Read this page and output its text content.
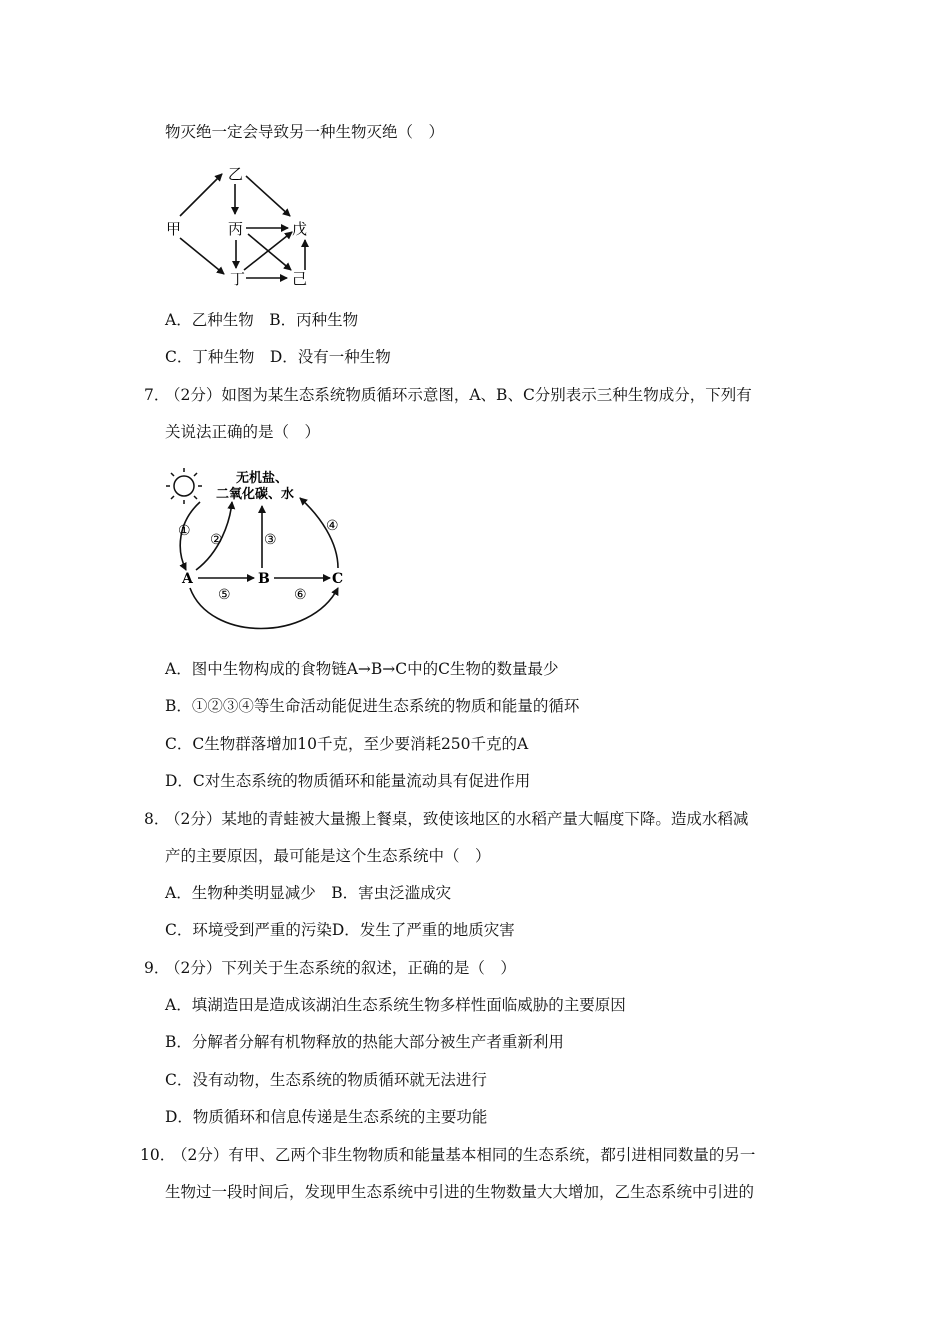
物灭绝一定会导致另一种生物灭绝（　）
乙
甲	丙	戊
丁	己
A．乙种生物　B．丙种生物
C．丁种生物　D．没有一种生物
7．
（2分）如图为某生态系统物质循环示意图，A、B、C分别表示三种生物成分，下列有
关说法正确的是（　）
无机盐、
二氧化碳、水
A	B	C
①
②	③
④
⑤	⑥
A．图中生物构成的食物链A→B→C中的C生物的数量最少
B．①②③④等生命活动能促进生态系统的物质和能量的循环
C．C生物群落增加10千克，至少要消耗250千克的A
D．C对生态系统的物质循环和能量流动具有促进作用
8．
（2分）某地的青蛙被大量搬上餐桌，致使该地区的水稻产量大幅度下降。造成水稻减
产的主要原因，最可能是这个生态系统中（　）
A．生物种类明显减少　B．害虫泛滥成灾
C．环境受到严重的污染D．发生了严重的地质灾害
9．
（2分）下列关于生态系统的叙述，正确的是（　）
A．填湖造田是造成该湖泊生态系统生物多样性面临威胁的主要原因
B．分解者分解有机物释放的热能大部分被生产者重新利用
C．没有动物，生态系统的物质循环就无法进行
D．物质循环和信息传递是生态系统的主要功能
10．
（2分）有甲、乙两个非生物物质和能量基本相同的生态系统，都引进相同数量的另一
生物过一段时间后，发现甲生态系统中引进的生物数量大大增加，乙生态系统中引进的
